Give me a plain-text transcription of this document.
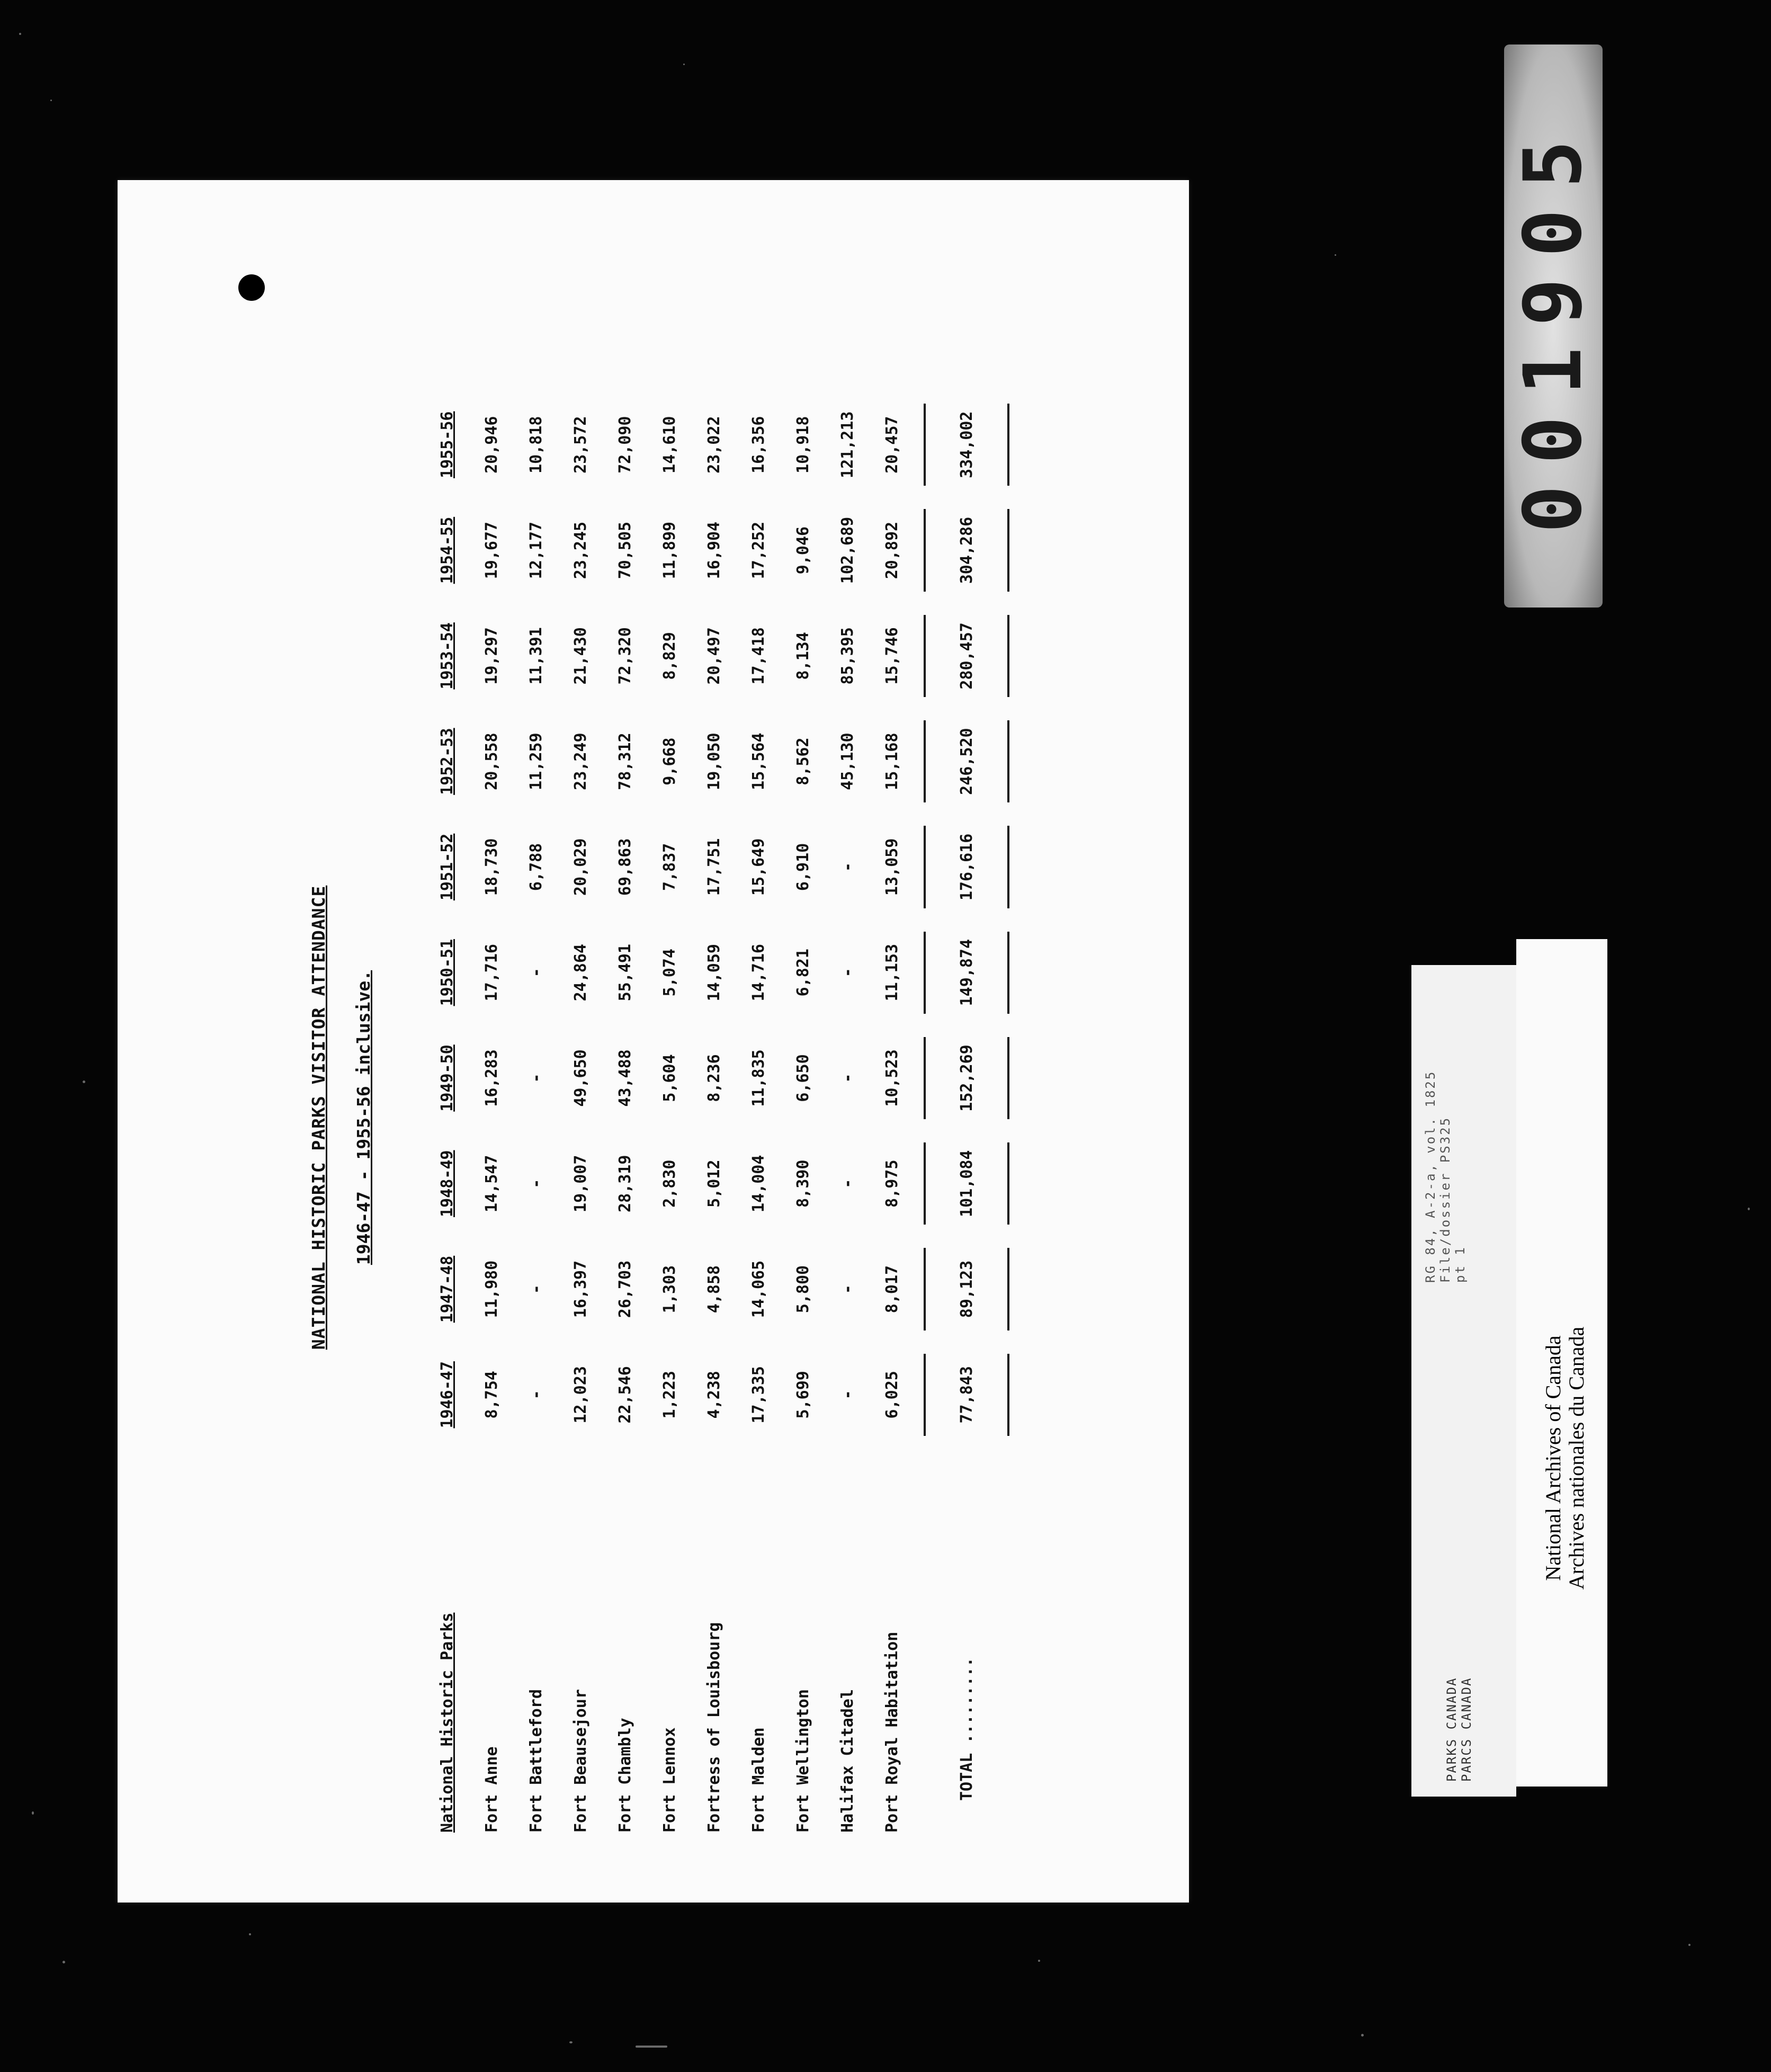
NATIONAL HISTORIC PARKS VISITOR ATTENDANCE 1946-47 - 1955-56 inclusive.
National Historic Parks	1946-47	1947-48	1948-49	1949-50	1950-51	1951-52	1952-53	1953-54	1954-55	1955-56
Fort Anne	8,754	11,980	14,547	16,283	17,716	18,730	20,558	19,297	19,677	20,946
Fort Battleford	-	-	-	-	-	6,788	11,259	11,391	12,177	10,818
Fort Beausejour	12,023	16,397	19,007	49,650	24,864	20,029	23,249	21,430	23,245	23,572
Fort Chambly	22,546	26,703	28,319	43,488	55,491	69,863	78,312	72,320	70,505	72,090
Fort Lennox	1,223	1,303	2,830	5,604	5,074	7,837	9,668	8,829	11,899	14,610
Fortress of Louisbourg	4,238	4,858	5,012	8,236	14,059	17,751	19,050	20,497	16,904	23,022
Fort Malden	17,335	14,065	14,004	11,835	14,716	15,649	15,564	17,418	17,252	16,356
Fort Wellington	5,699	5,800	8,390	6,650	6,821	6,910	8,562	8,134	9,046	10,918
Halifax Citadel	-	-	-	-	-	-	45,130	85,395	102,689	121,213
Port Royal Habitation	6,025	8,017	8,975	10,523	11,153	13,059	15,168	15,746	20,892	20,457

TOTAL .........	77,843	89,123	101,084	152,269	149,874	176,616	246,520	280,457	304,286	334,002

		001905
PARKS CANADA PARCS CANADA
RG 84, A-2-a, vol. 1825 File/dossier PS325 pt 1
National Archives of Canada Archives nationales du Canada
